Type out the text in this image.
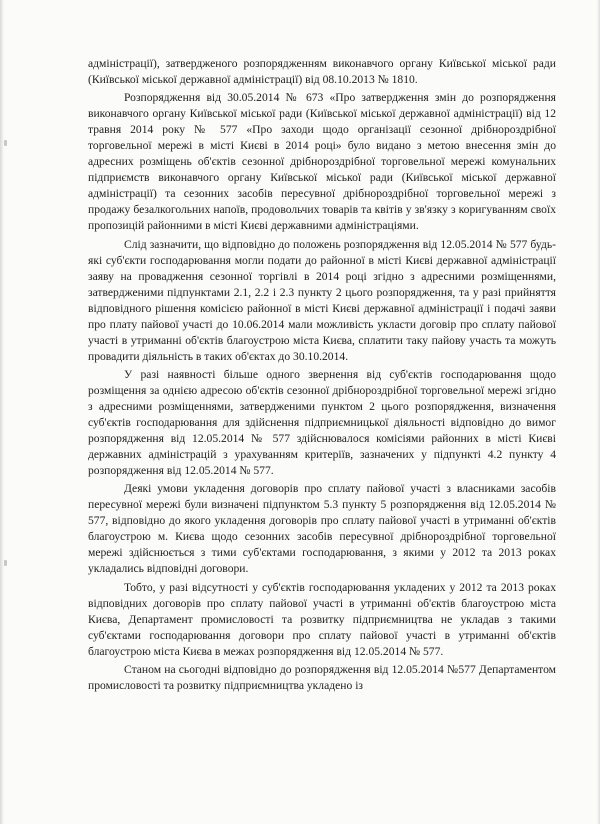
адміністрації), затвердженого розпорядженням виконавчого органу Київської міської ради (Київської міської державної адміністрації) від 08.10.2013 № 1810.

Розпорядження від 30.05.2014 № 673 «Про затвердження змін до розпорядження виконавчого органу Київської міської ради (Київської міської державної адміністрації) від 12 травня 2014 року № 577 «Про заходи щодо організації сезонної дрібнороздрібної торговельної мережі в місті Києві в 2014 році» було видано з метою внесення змін до адресних розміщень об'єктів сезонної дрібнороздрібної торговельної мережі комунальних підприємств виконавчого органу Київської міської ради (Київської міської державної адміністрації) та сезонних засобів пересувної дрібнороздрібної торговельної мережі з продажу безалкогольних напоїв, продовольчих товарів та квітів у зв'язку з коригуванням своїх пропозицій районними в місті Києві державними адміністраціями.

Слід зазначити, що відповідно до положень розпорядження від 12.05.2014 № 577 будь-які суб'єкти господарювання могли подати до районної в місті Києві державної адміністрації заяву на провадження сезонної торгівлі в 2014 році згідно з адресними розміщеннями, затвердженими підпунктами 2.1, 2.2 і 2.3 пункту 2 цього розпорядження, та у разі прийняття відповідного рішення комісією районної в місті Києві державної адміністрації і подачі заяви про плату пайової участі до 10.06.2014 мали можливість укласти договір про сплату пайової участі в утриманні об'єктів благоустрою міста Києва, сплатити таку пайову участь та можуть провадити діяльність в таких об'єктах до 30.10.2014.

У разі наявності більше одного звернення від суб'єктів господарювання щодо розміщення за однією адресою об'єктів сезонної дрібнороздрібної торговельної мережі згідно з адресними розміщеннями, затвердженими пунктом 2 цього розпорядження, визначення суб'єктів господарювання для здійснення підприємницької діяльності відповідно до вимог розпорядження від 12.05.2014 № 577 здійснювалося комісіями районних в місті Києві державних адміністрацій з урахуванням критеріїв, зазначених у підпункті 4.2 пункту 4 розпорядження від 12.05.2014 № 577.

Деякі умови укладення договорів про сплату пайової участі з власниками засобів пересувної мережі були визначені підпунктом 5.3 пункту 5 розпорядження від 12.05.2014 № 577, відповідно до якого укладення договорів про сплату пайової участі в утриманні об'єктів благоустрою м. Києва щодо сезонних засобів пересувної дрібнороздрібної торговельної мережі здійснюється з тими суб'єктами господарювання, з якими у 2012 та 2013 роках укладались відповідні договори.

Тобто, у разі відсутності у суб'єктів господарювання укладених у 2012 та 2013 роках відповідних договорів про сплату пайової участі в утриманні об'єктів благоустрою міста Києва, Департамент промисловості та розвитку підприємництва не укладав з такими суб'єктами господарювання договори про сплату пайової участі в утриманні об'єктів благоустрою міста Києва в межах розпорядження від 12.05.2014 № 577.

Станом на сьогодні відповідно до розпорядження від 12.05.2014 №577 Департаментом промисловості та розвитку підприємництва укладено із
